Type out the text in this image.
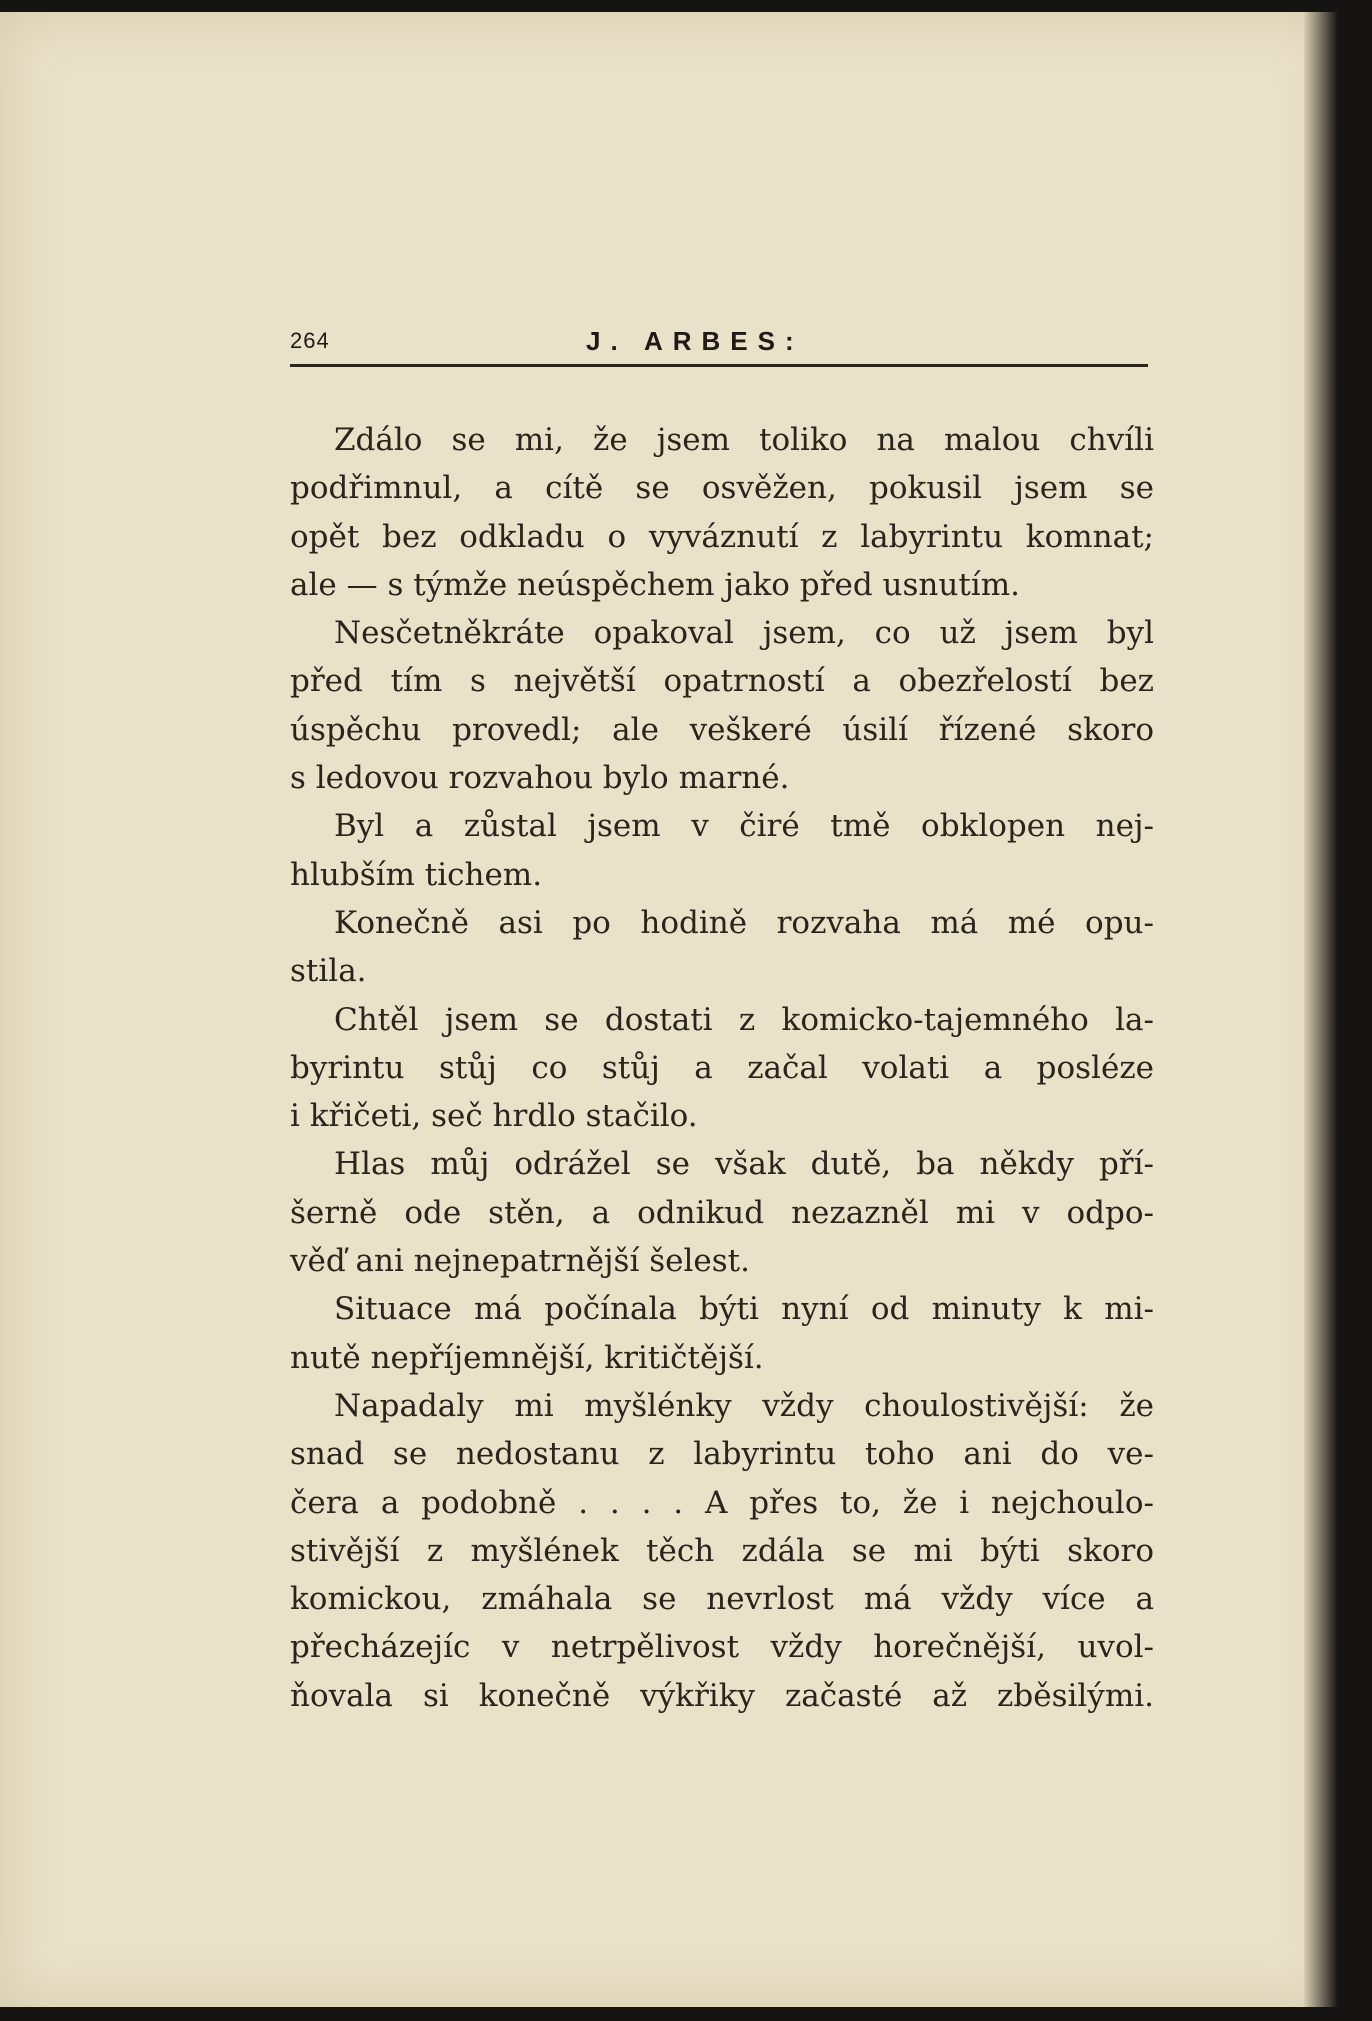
264	J. ARBES:
Zdálo se mi, že jsem toliko na malou chvíli
podřimnul, a cítě se osvěžen, pokusil jsem se
opět bez odkladu o vyváznutí z labyrintu komnat;
ale — s týmže neúspěchem jako před usnutím.
Nesčetněkráte opakoval jsem, co už jsem byl
před tím s největší opatrností a obezřelostí bez
úspěchu provedl; ale veškeré úsilí řízené skoro
s ledovou rozvahou bylo marné.
Byl a zůstal jsem v čiré tmě obklopen nej-
hlubším tichem.
Konečně asi po hodině rozvaha má mé opu-
stila.
Chtěl jsem se dostati z komicko-tajemného la-
byrintu stůj co stůj a začal volati a posléze
i křičeti, seč hrdlo stačilo.
Hlas můj odrážel se však dutě, ba někdy pří-
šerně ode stěn, a odnikud nezazněl mi v odpo-
věď ani nejnepatrnější šelest.
Situace má počínala býti nyní od minuty k mi-
nutě nepříjemnější, kritičtější.
Napadaly mi myšlénky vždy choulostivější: že
snad se nedostanu z labyrintu toho ani do ve-
čera a podobně . . . . A přes to, že i nejchoulo-
stivější z myšlének těch zdála se mi býti skoro
komickou, zmáhala se nevrlost má vždy více a
přecházejíc v netrpělivost vždy horečnější, uvol-
ňovala si konečně výkřiky začasté až zběsilými.
